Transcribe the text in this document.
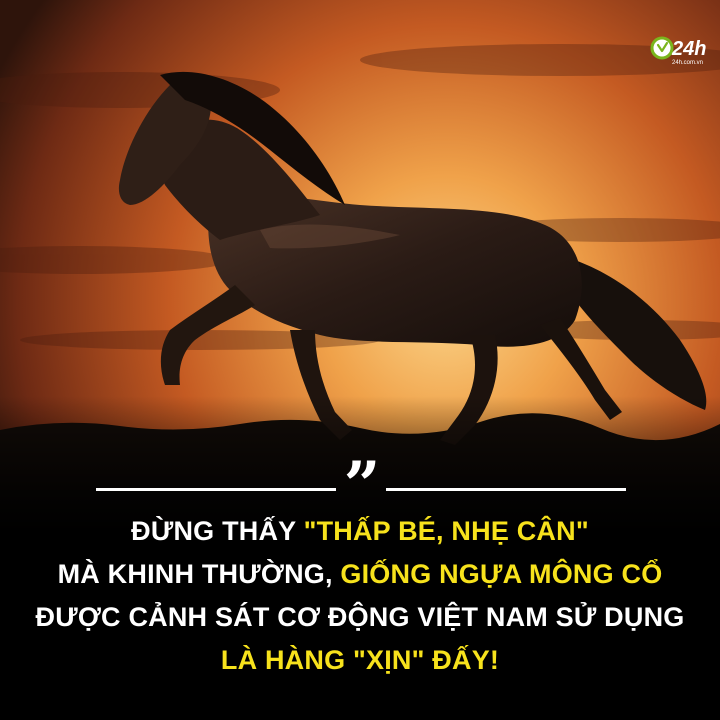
24h
24h.com.vn
”
ĐỪNG THẤY "THẤP BÉ, NHẸ CÂN"
MÀ KHINH THƯỜNG, GIỐNG NGỰA MÔNG CỔ
ĐƯỢC CẢNH SÁT CƠ ĐỘNG VIỆT NAM SỬ DỤNG
LÀ HÀNG "XỊN" ĐẤY!
